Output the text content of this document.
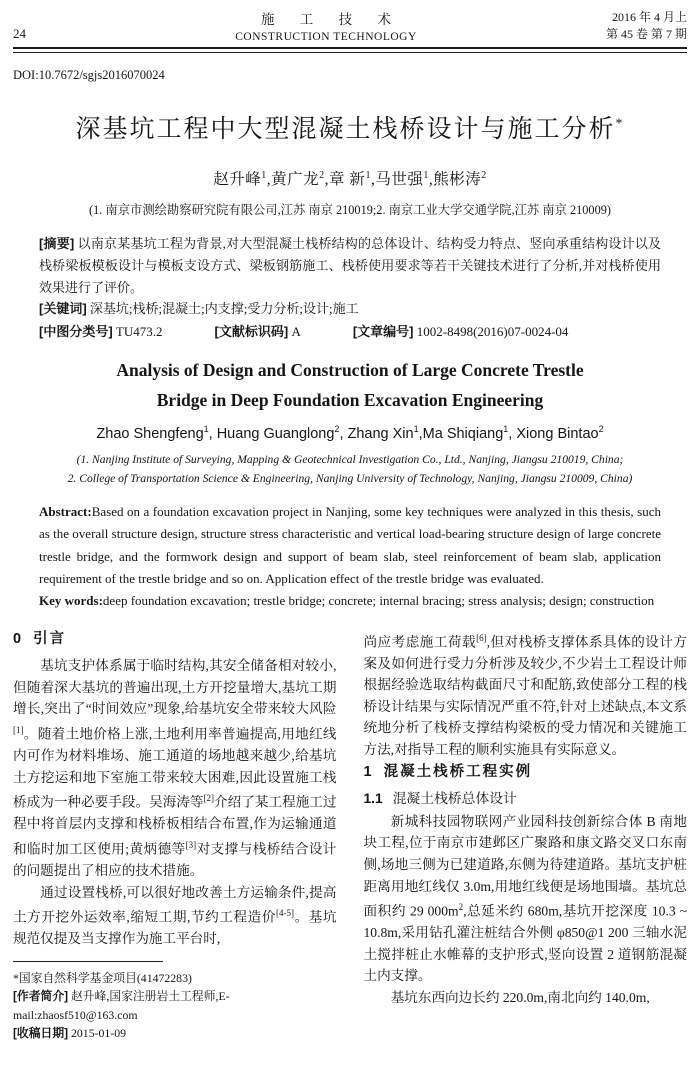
24
施 工 技 术
CONSTRUCTION TECHNOLOGY
2016 年 4 月上
第 45 卷 第 7 期
DOI:10.7672/sgjs2016070024
深基坑工程中大型混凝土栈桥设计与施工分析*
赵升峰$^1$,黄广龙$^2$,章 新$^1$,马世强$^1$,熊彬涛$^2$
(1. 南京市测绘勘察研究院有限公司,江苏 南京 210019;2. 南京工业大学交通学院,江苏 南京 210009)
[摘要] 以南京某基坑工程为背景,对大型混凝土栈桥结构的总体设计、结构受力特点、竖向承重结构设计以及栈桥梁板模板设计与模板支设方式、梁板钢筋施工、栈桥使用要求等若干关键技术进行了分析,并对栈桥使用效果进行了评价。
[关键词] 深基坑;栈桥;混凝土;内支撑;受力分析;设计;施工
[中图分类号] TU473.2	[文献标识码] A	[文章编号] 1002-8498(2016)07-0024-04
Analysis of Design and Construction of Large Concrete Trestle
Bridge in Deep Foundation Excavation Engineering
Zhao Shengfeng$^1$, Huang Guanglong$^2$, Zhang Xin$^1$,Ma Shiqiang$^1$, Xiong Bintao$^2$
(1. Nanjing Institute of Surveying, Mapping & Geotechnical Investigation Co., Ltd., Nanjing, Jiangsu 210019, China;
2. College of Transportation Science & Engineering, Nanjing University of Technology, Nanjing, Jiangsu 210009, China)
Abstract:Based on a foundation excavation project in Nanjing, some key techniques were analyzed in this thesis, such as the overall structure design, structure stress characteristic and vertical load-bearing structure design of large concrete trestle bridge, and the formwork design and support of beam slab, steel reinforcement of beam slab, application requirement of the trestle bridge and so on. Application effect of the trestle bridge was evaluated.
Key words:deep foundation excavation; trestle bridge; concrete; internal bracing; stress analysis; design; construction
0 引言

基坑支护体系属于临时结构,其安全储备相对较小,但随着深大基坑的普遍出现,土方开挖量增大,基坑工期增长,突出了“时间效应”现象,给基坑安全带来较大风险[1]。随着土地价格上涨,土地利用率普遍提高,用地红线内可作为材料堆场、施工通道的场地越来越少,给基坑土方挖运和地下室施工带来较大困难,因此设置施工栈桥成为一种必要手段。吴海涛等[2]介绍了某工程施工过程中将首层内支撑和栈桥板相结合布置,作为运输通道和临时加工区使用;黄炳德等[3]对支撑与栈桥结合设计的问题提出了相应的技术措施。

通过设置栈桥,可以很好地改善土方运输条件,提高土方开挖外运效率,缩短工期,节约工程造价[4-5]。基坑规范仅提及当支撑作为施工平台时,

*国家自然科学基金项目(41472283)
[作者简介] 赵升峰,国家注册岩土工程师,E-mail:zhaosf510@163.com
[收稿日期] 2015-01-09

尚应考虑施工荷载[6],但对栈桥支撑体系具体的设计方案及如何进行受力分析涉及较少,不少岩土工程设计师根据经验选取结构截面尺寸和配筋,致使部分工程的栈桥设计结果与实际情况严重不符,针对上述缺点,本文系统地分析了栈桥支撑结构梁板的受力情况和关键施工方法,对指导工程的顺利实施具有实际意义。

1 混凝土栈桥工程实例
1.1 混凝土栈桥总体设计

新城科技园物联网产业园科技创新综合体 B 南地块工程,位于南京市建邺区广聚路和康文路交叉口东南侧,场地三侧为已建道路,东侧为待建道路。基坑支护桩距离用地红线仅 3.0m,用地红线便是场地围墙。基坑总面积约 29 000m$^2$,总延米约 680m,基坑开挖深度 10.3 ~ 10.8m,采用钻孔灌注桩结合外侧 φ850@1 200 三轴水泥土搅拌桩止水帷幕的支护形式,竖向设置 2 道钢筋混凝土内支撑。

基坑东西向边长约 220.0m,南北向约 140.0m,
